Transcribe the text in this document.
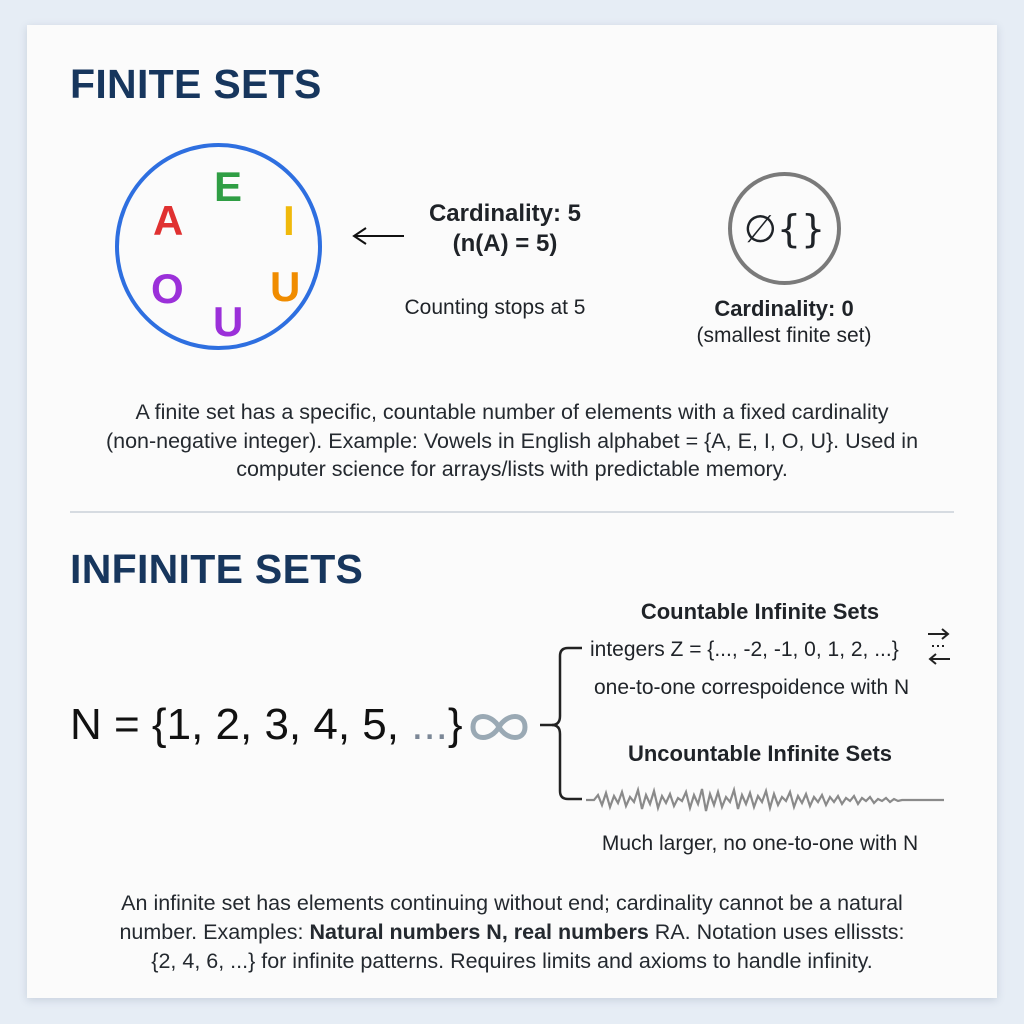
FINITE SETS
A
E
I
O
U
U
Cardinality: 5
(n(A) = 5)
Counting stops at 5
∅{}
Cardinality: 0
(smallest finite set)
A finite set has a specific, countable number of elements with a fixed cardinality
(non-negative integer). Example: Vowels in English alphabet = {A, E, I, O, U}. Used in
computer science for arrays/lists with predictable memory.
INFINITE SETS
N = {1, 2, 3, 4, 5, ...}
Countable Infinite Sets
integers Z = {..., -2, -1, 0, 1, 2, ...}
one-to-one correspoidence with N
Uncountable Infinite Sets
Much larger, no one-to-one with N
An infinite set has elements continuing without end; cardinality cannot be a natural
number. Examples: Natural numbers N, real numbers RA. Notation uses ellissts:
{2, 4, 6, ...} for infinite patterns. Requires limits and axioms to handle infinity.
